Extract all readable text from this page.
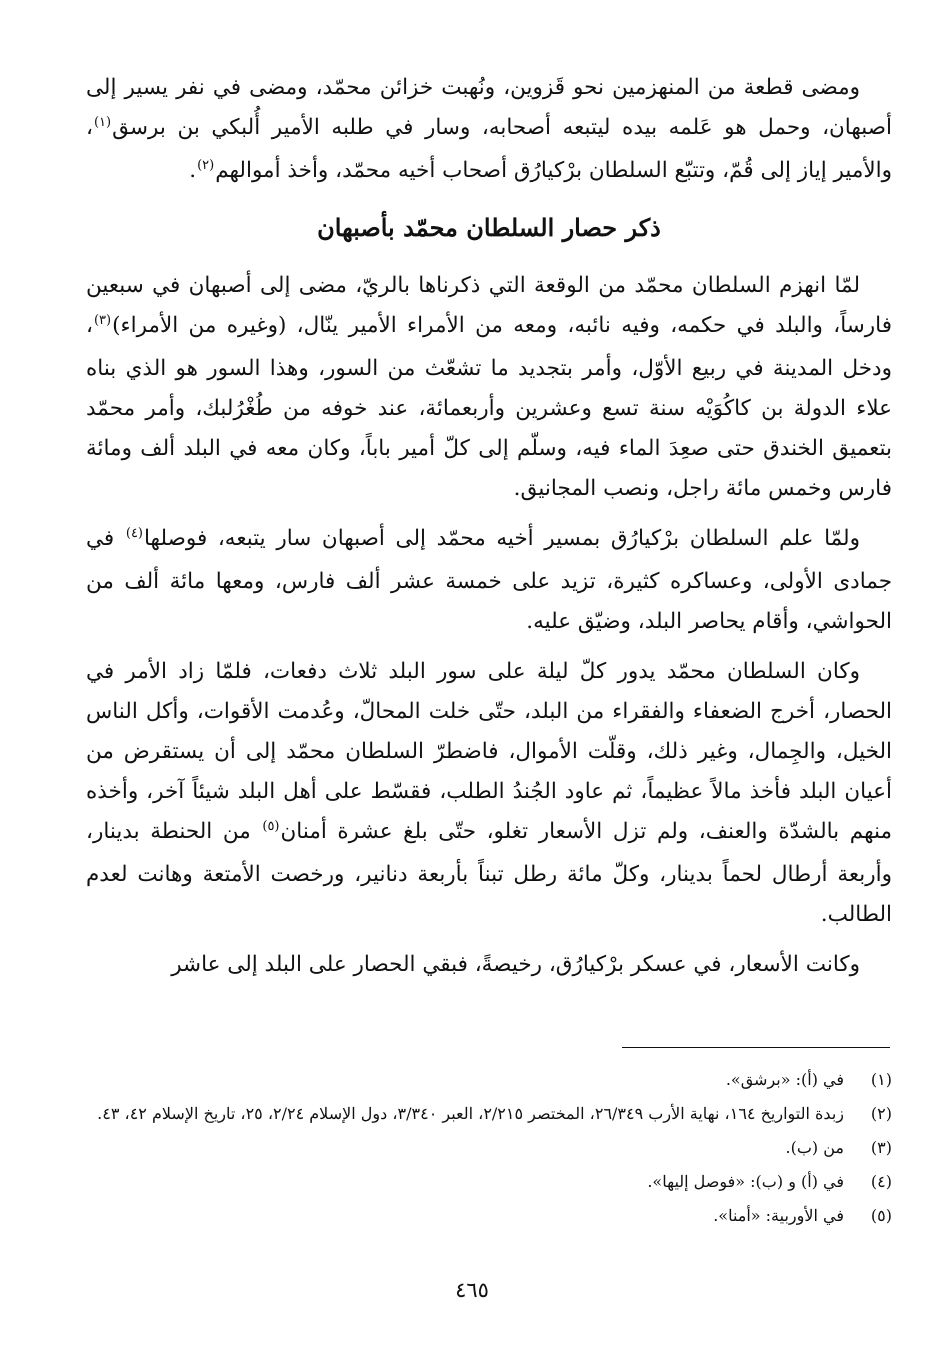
ومضى قطعة من المنهزمين نحو قَزوين، ونُهبت خزائن محمّد، ومضى في نفر يسير إلى أصبهان، وحمل هو عَلمه بيده ليتبعه أصحابه، وسار في طلبه الأمير أُلبكي بن برسق$^{(١)}$، والأمير إياز إلى قُمّ، وتتبّع السلطان برْكيارُق أصحاب أخيه محمّد، وأخذ أموالهم$^{(٢)}$.

ذكر حصار السلطان محمّد بأصبهان

لمّا انهزم السلطان محمّد من الوقعة التي ذكرناها بالريّ، مضى إلى أصبهان في سبعين فارساً، والبلد في حكمه، وفيه نائبه، ومعه من الأمراء الأمير ينّال، (وغيره من الأمراء)$^{(٣)}$، ودخل المدينة في ربيع الأوّل، وأمر بتجديد ما تشعّث من السور، وهذا السور هو الذي بناه علاء الدولة بن كاكُوَيْه سنة تسع وعشرين وأربعمائة، عند خوفه من طُغْرُلبك، وأمر محمّد بتعميق الخندق حتى صعِدَ الماء فيه، وسلّم إلى كلّ أمير باباً، وكان معه في البلد ألف ومائة فارس وخمس مائة راجل، ونصب المجانيق.

ولمّا علم السلطان برْكيارُق بمسير أخيه محمّد إلى أصبهان سار يتبعه، فوصلها$^{(٤)}$ في جمادى الأولى، وعساكره كثيرة، تزيد على خمسة عشر ألف فارس، ومعها مائة ألف من الحواشي، وأقام يحاصر البلد، وضيّق عليه.

وكان السلطان محمّد يدور كلّ ليلة على سور البلد ثلاث دفعات، فلمّا زاد الأمر في الحصار، أخرج الضعفاء والفقراء من البلد، حتّى خلت المحالّ، وعُدمت الأقوات، وأكل الناس الخيل، والجِمال، وغير ذلك، وقلّت الأموال، فاضطرّ السلطان محمّد إلى أن يستقرض من أعيان البلد فأخذ مالاً عظيماً، ثم عاود الجُندُ الطلب، فقسّط على أهل البلد شيئاً آخر، وأخذه منهم بالشدّة والعنف، ولم تزل الأسعار تغلو، حتّى بلغ عشرة أمنان$^{(٥)}$ من الحنطة بدينار، وأربعة أرطال لحماً بدينار، وكلّ مائة رطل تبناً بأربعة دنانير، ورخصت الأمتعة وهانت لعدم الطالب.

وكانت الأسعار، في عسكر برْكيارُق، رخيصةً، فبقي الحصار على البلد إلى عاشر

(١)
في (أ): «برشق».
(٢)
زبدة التواريخ ١٦٤، نهاية الأرب ٢٦/٣٤٩، المختصر ٢/٢١٥، العبر ٣/٣٤٠، دول الإسلام ٢/٢٤، ٢٥، تاريخ الإسلام ٤٢، ٤٣.
(٣)
من (ب).
(٤)
في (أ) و (ب): «فوصل إليها».
(٥)
في الأوربية: «أمنا».
٤٦٥
